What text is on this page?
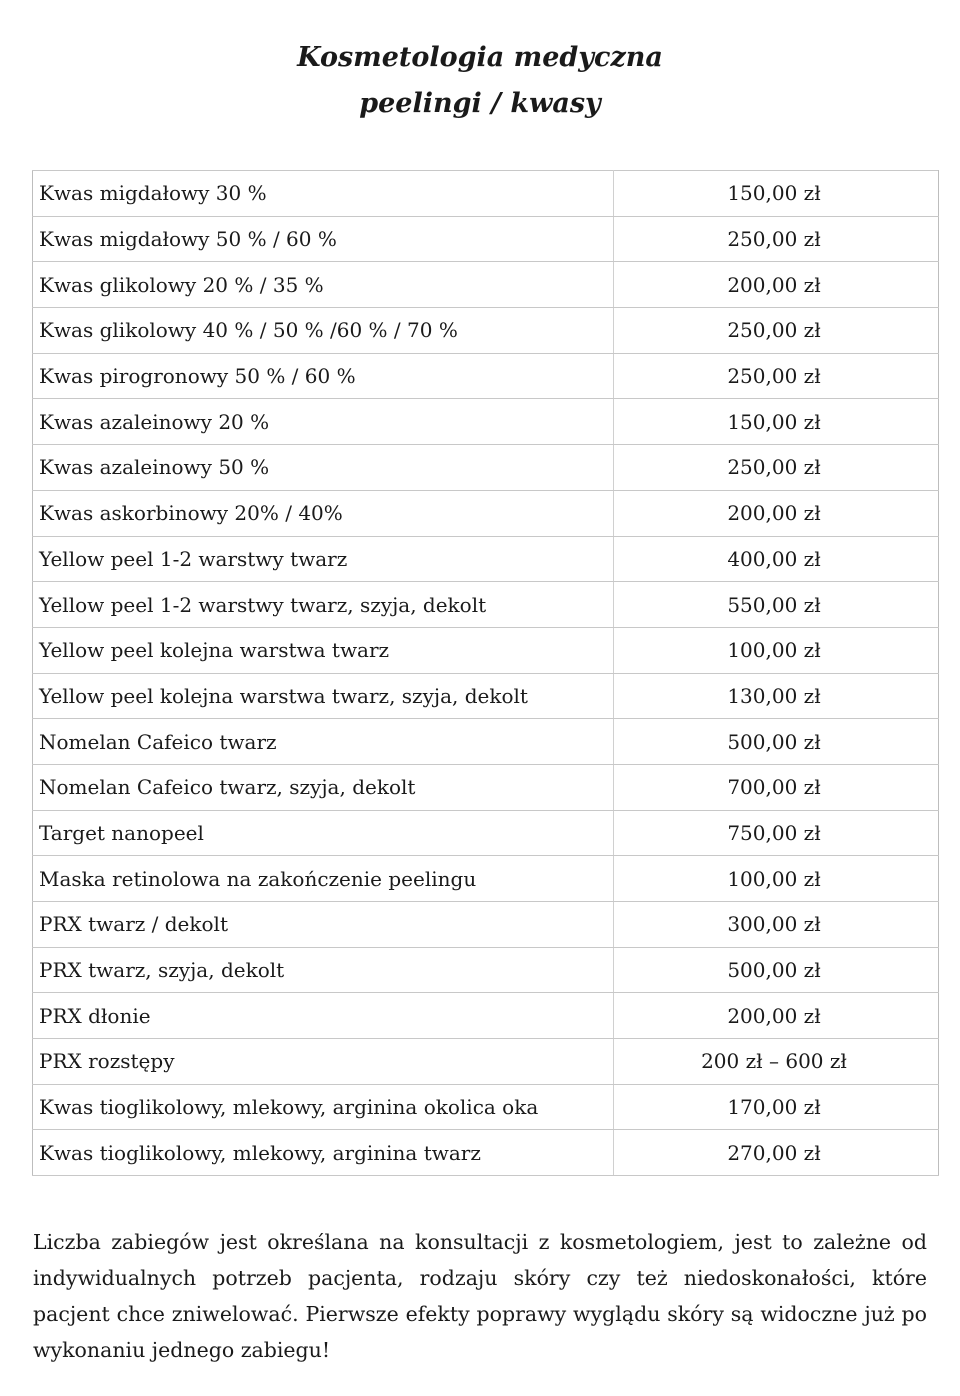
Kosmetologia medyczna
peelingi / kwasy
Kwas migdałowy 30 %	150,00 zł
Kwas migdałowy 50 % / 60 %	250,00 zł
Kwas glikolowy 20 % / 35 %	200,00 zł
Kwas glikolowy 40 % / 50 % /60 % / 70 %	250,00 zł
Kwas pirogronowy 50 % / 60 %	250,00 zł
Kwas azaleinowy 20 %	150,00 zł
Kwas azaleinowy 50 %	250,00 zł
Kwas askorbinowy 20% / 40%	200,00 zł
Yellow peel 1-2 warstwy twarz	400,00 zł
Yellow peel 1-2 warstwy twarz, szyja, dekolt	550,00 zł
Yellow peel kolejna warstwa twarz	100,00 zł
Yellow peel kolejna warstwa twarz, szyja, dekolt	130,00 zł
Nomelan Cafeico twarz	500,00 zł
Nomelan Cafeico twarz, szyja, dekolt	700,00 zł
Target nanopeel	750,00 zł
Maska retinolowa na zakończenie peelingu	100,00 zł
PRX twarz / dekolt	300,00 zł
PRX twarz, szyja, dekolt	500,00 zł
PRX dłonie	200,00 zł
PRX rozstępy	200 zł – 600 zł
Kwas tioglikolowy, mlekowy, arginina okolica oka	170,00 zł
Kwas tioglikolowy, mlekowy, arginina twarz	270,00 zł

Liczba zabiegów jest określana na konsultacji z kosmetologiem, jest to zależne od indywidualnych potrzeb pacjenta, rodzaju skóry czy też niedoskonałości, które pacjent chce zniwelować. Pierwsze efekty poprawy wyglądu skóry są widoczne już po wykonaniu jednego zabiegu!
